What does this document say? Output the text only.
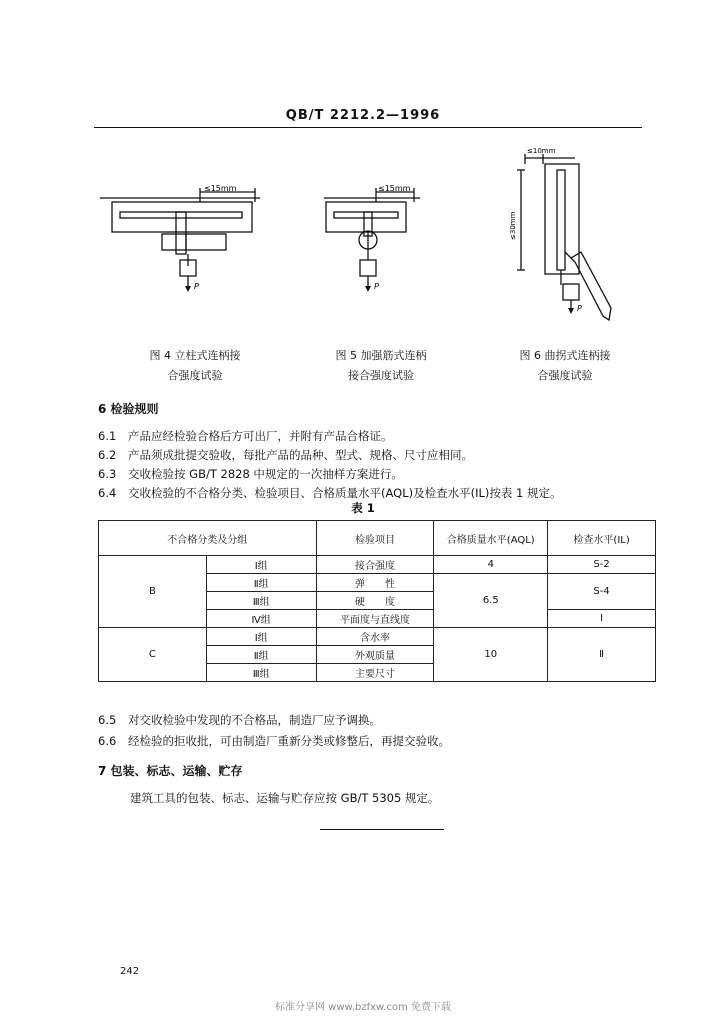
QB/T 2212.2—1996
≤15mm
P
图 4 立柱式连柄接
合强度试验
≤15mm
P
图 5 加强筋式连柄
接合强度试验
≤10mm
≤30mm
P
图 6 曲拐式连柄接
合强度试验
6 检验规则
6.1 产品应经检验合格后方可出厂，并附有产品合格证。
6.2 产品须成批提交验收，每批产品的品种、型式、规格、尺寸应相同。
6.3 交收检验按 GB/T 2828 中规定的一次抽样方案进行。
6.4 交收检验的不合格分类、检验项目、合格质量水平(AQL)及检查水平(IL)按表 1 规定。
表 1
不合格分类及分组		检验项目	合格质量水平(AQL)	检查水平(IL)
B	Ⅰ组	接合强度	4	S-2
	Ⅱ组	弹　　性	6.5	S-4
	Ⅲ组	硬　　度		
	Ⅳ组	平面度与直线度		Ⅰ
C	Ⅰ组	含水率	10	Ⅱ
	Ⅱ组	外观质量		
	Ⅲ组	主要尺寸		
6.5 对交收检验中发现的不合格品，制造厂应予调换。
6.6 经检验的拒收批，可由制造厂重新分类或修整后，再提交验收。
7 包装、标志、运输、贮存
建筑工具的包装、标志、运输与贮存应按 GB/T 5305 规定。
242
标准分享网 www.bzfxw.com 免费下载
